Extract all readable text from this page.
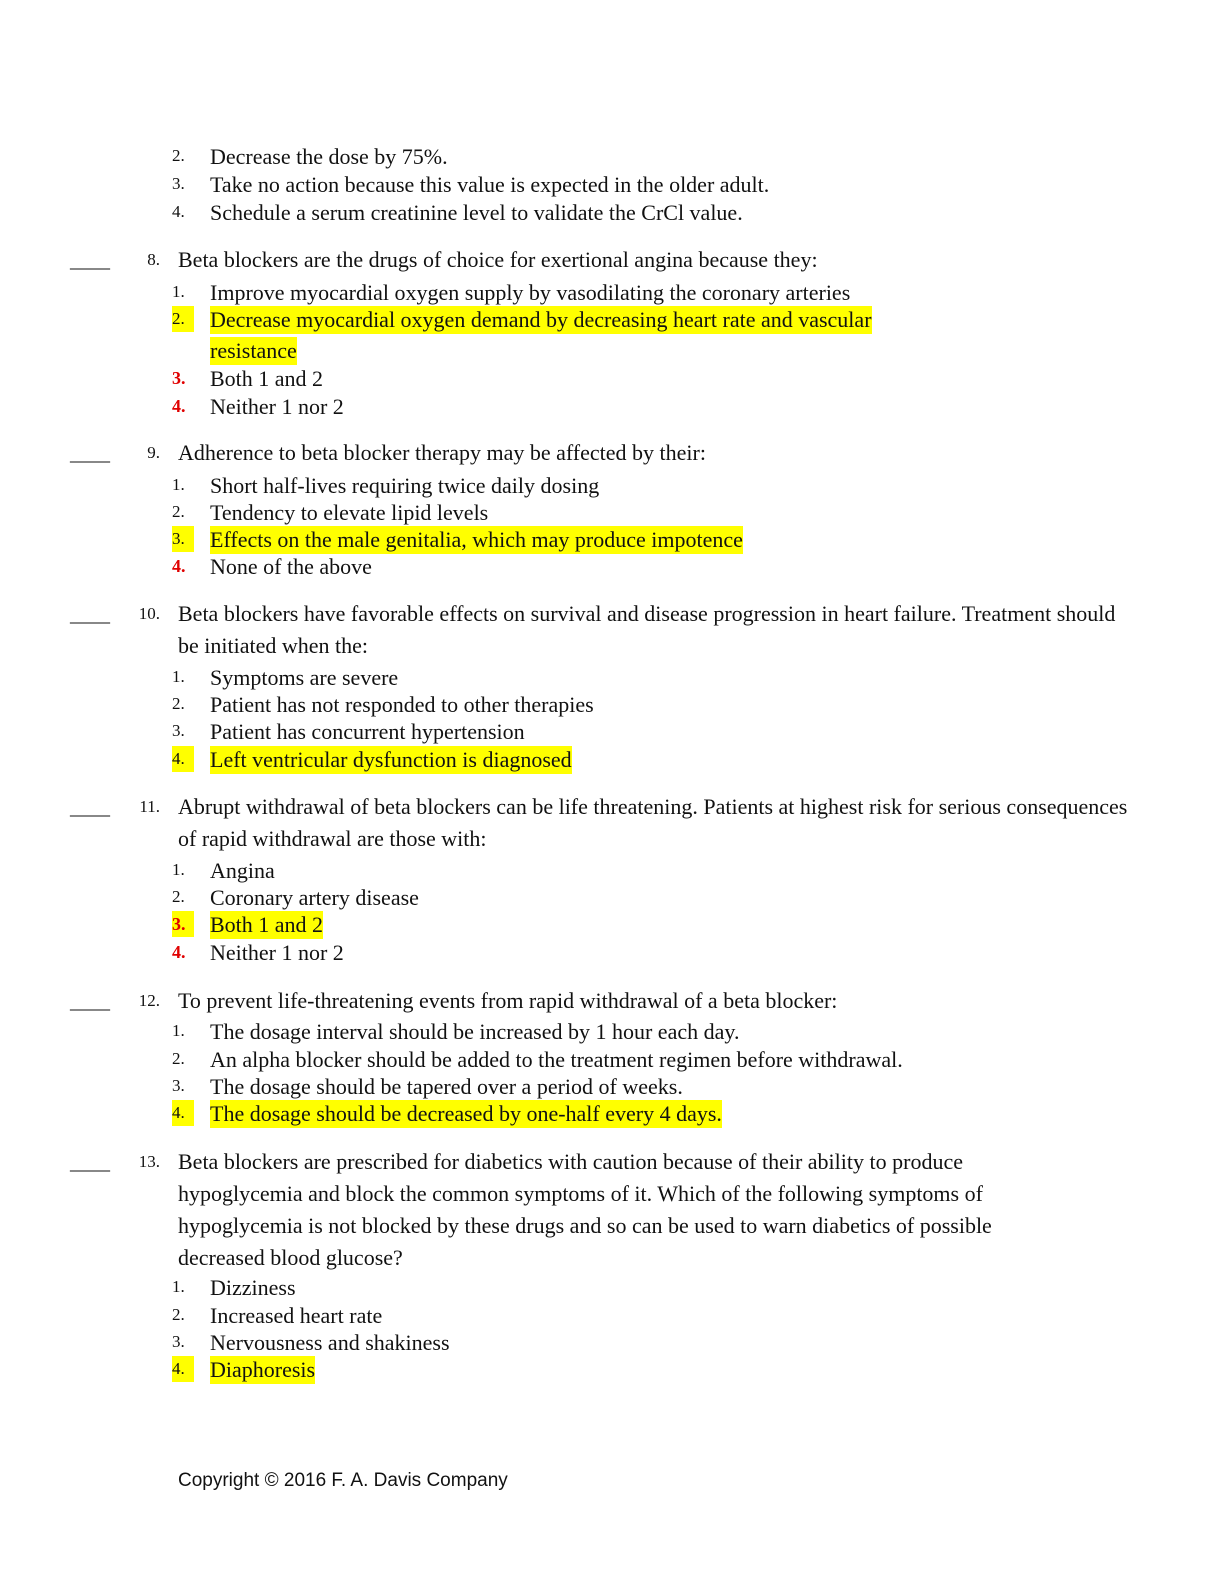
2.	Decrease the dose by 75%.
3.	Take no action because this value is expected in the older adult.
4.	Schedule a serum creatinine level to validate the CrCl value.
____	8. Beta blockers are the drugs of choice for exertional angina because they:
1.	Improve myocardial oxygen supply by vasodilating the coronary arteries
2.	Decrease myocardial oxygen demand by decreasing heart rate and vascular
resistance
3.	Both 1 and 2
4.	Neither 1 nor 2
____	9. Adherence to beta blocker therapy may be affected by their:
1.	Short half-lives requiring twice daily dosing
2.	Tendency to elevate lipid levels
3.	Effects on the male genitalia, which may produce impotence
4.	None of the above
____	10. Beta blockers have favorable effects on survival and disease progression in heart failure. Treatment should be initiated when the:
1.	Symptoms are severe
2.	Patient has not responded to other therapies
3.	Patient has concurrent hypertension
4.	Left ventricular dysfunction is diagnosed
____	11. Abrupt withdrawal of beta blockers can be life threatening. Patients at highest risk for serious consequences of rapid withdrawal are those with:
1.	Angina
2.	Coronary artery disease
3.	Both 1 and 2
4.	Neither 1 nor 2
____	12. To prevent life-threatening events from rapid withdrawal of a beta blocker:
1.	The dosage interval should be increased by 1 hour each day.
2.	An alpha blocker should be added to the treatment regimen before withdrawal.
3.	The dosage should be tapered over a period of weeks.
4.	The dosage should be decreased by one-half every 4 days.
____	13. Beta blockers are prescribed for diabetics with caution because of their ability to produce hypoglycemia and block the common symptoms of it. Which of the following symptoms of hypoglycemia is not blocked by these drugs and so can be used to warn diabetics of possible decreased blood glucose?
1.	Dizziness
2.	Increased heart rate
3.	Nervousness and shakiness
4.	Diaphoresis
Copyright © 2016 F. A. Davis Company
